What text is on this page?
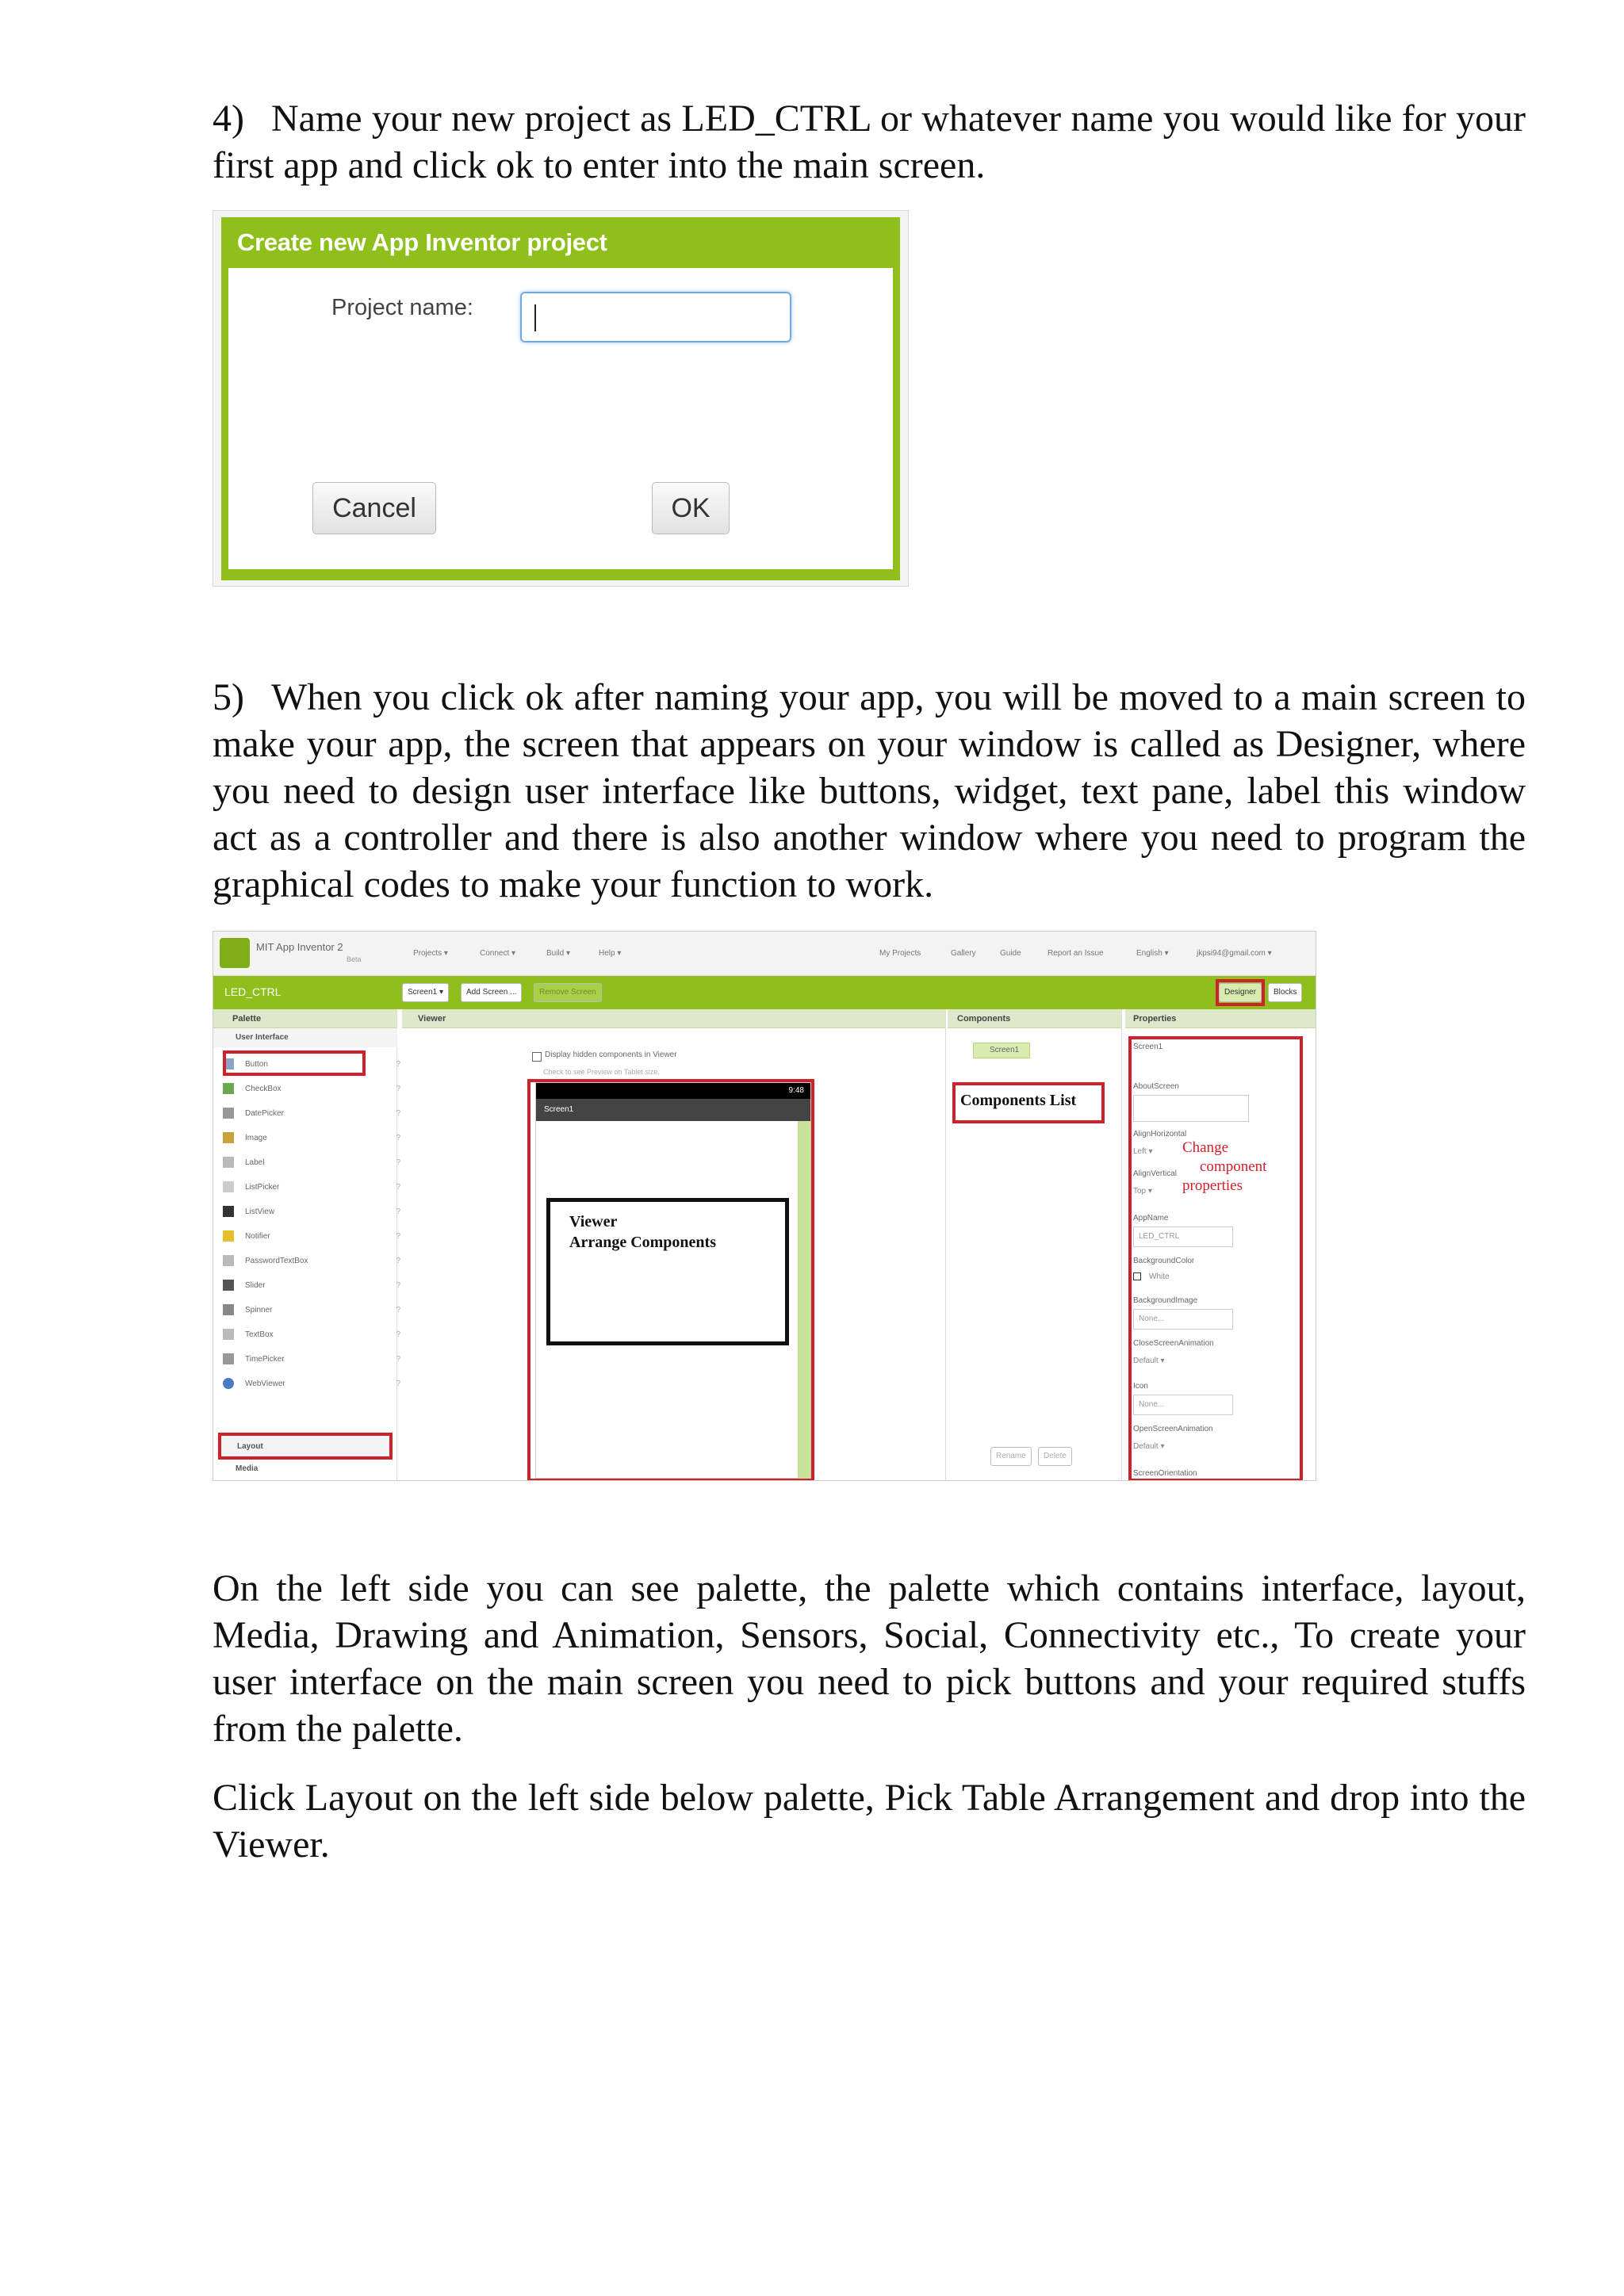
4) Name your new project as LED_CTRL or whatever name you would like for your first app and click ok to enter into the main screen.

Create new App Inventor project
Project name:
Cancel	OK

5) When you click ok after naming your app, you will be moved to a main screen to make your app, the screen that appears on your window is called as Designer, where you need to design user interface like buttons, widget, text pane, label this window act as a controller and there is also another window where you need to program the graphical codes to make your function to work.

MIT App Inventor 2
Beta
Projects ▾	Connect ▾	Build ▾	Help ▾	My Projects	Gallery	Guide	Report an Issue	English ▾	jkpsi94@gmail.com ▾
LED_CTRL	Screen1 ▾	Add Screen ...	Remove Screen	Designer	Blocks
Palette
User Interface
Button	?
CheckBox	?
DatePicker	?
Image	?
Label	?
ListPicker	?
ListView	?
Notifier	?
PasswordTextBox	?
Slider	?
Spinner	?
TextBox	?
TimePicker	?
WebViewer	?
Layout
Media
Viewer
Display hidden components in Viewer
Check to see Preview on Tablet size.
9:48
Screen1
Viewer
Arrange Components
Components
Screen1
Components List
Rename	Delete
Properties
Screen1
AboutScreen
AlignHorizontal
Left ▾
AlignVertical
Top ▾
AppName
LED_CTRL
BackgroundColor
White
BackgroundImage
None...
CloseScreenAnimation
Default ▾
Icon
None...
OpenScreenAnimation
Default ▾
ScreenOrientation
Change
component
properties

On the left side you can see palette, the palette which contains interface, layout, Media, Drawing and Animation, Sensors, Social, Connectivity etc., To create your user interface on the main screen you need to pick buttons and your required stuffs from the palette.

Click Layout on the left side below palette, Pick Table Arrangement and drop into the Viewer.
